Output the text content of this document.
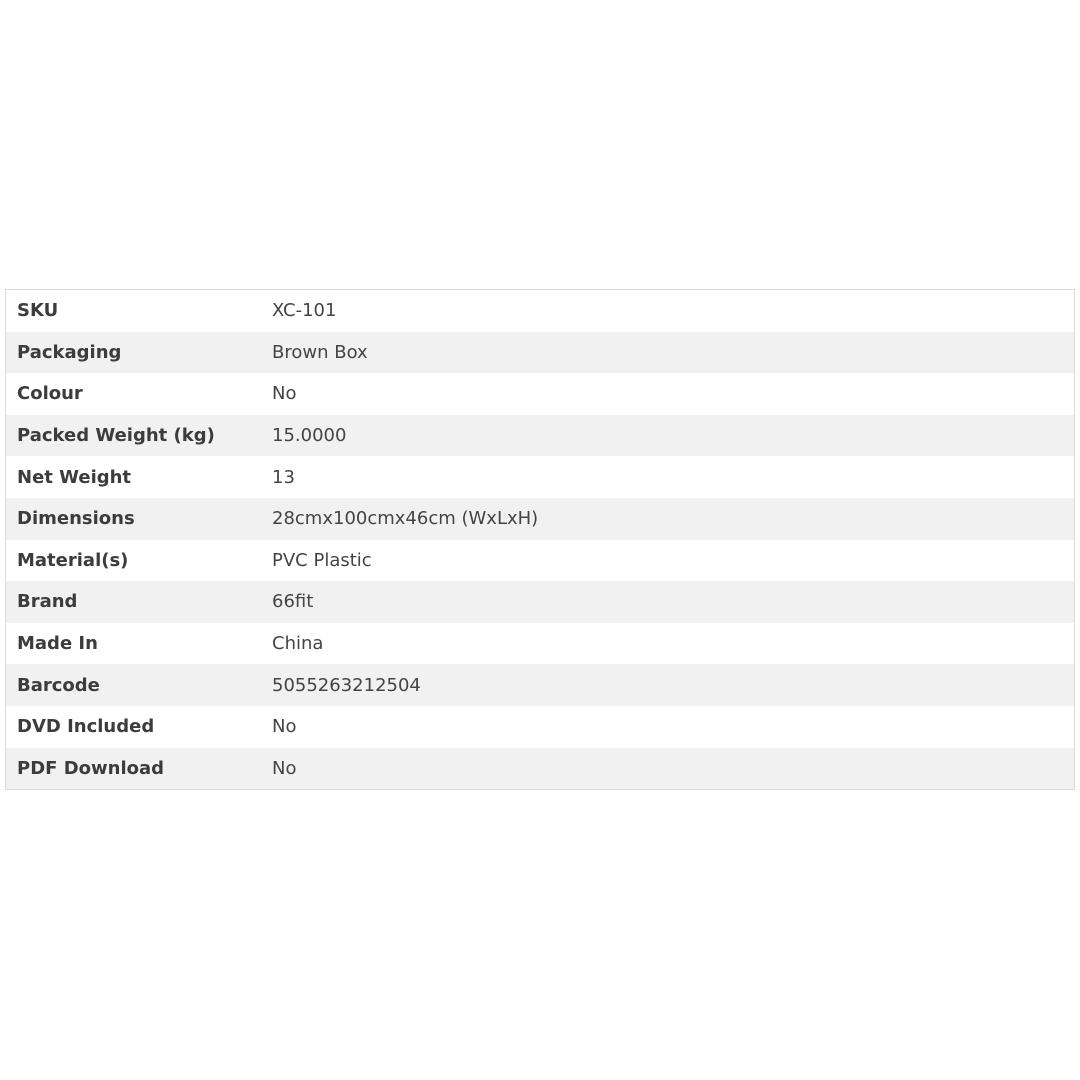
SKU	XC-101
Packaging	Brown Box
Colour	No
Packed Weight (kg)	15.0000
Net Weight	13
Dimensions	28cmx100cmx46cm (WxLxH)
Material(s)	PVC Plastic
Brand	66fit
Made In	China
Barcode	5055263212504
DVD Included	No
PDF Download	No
